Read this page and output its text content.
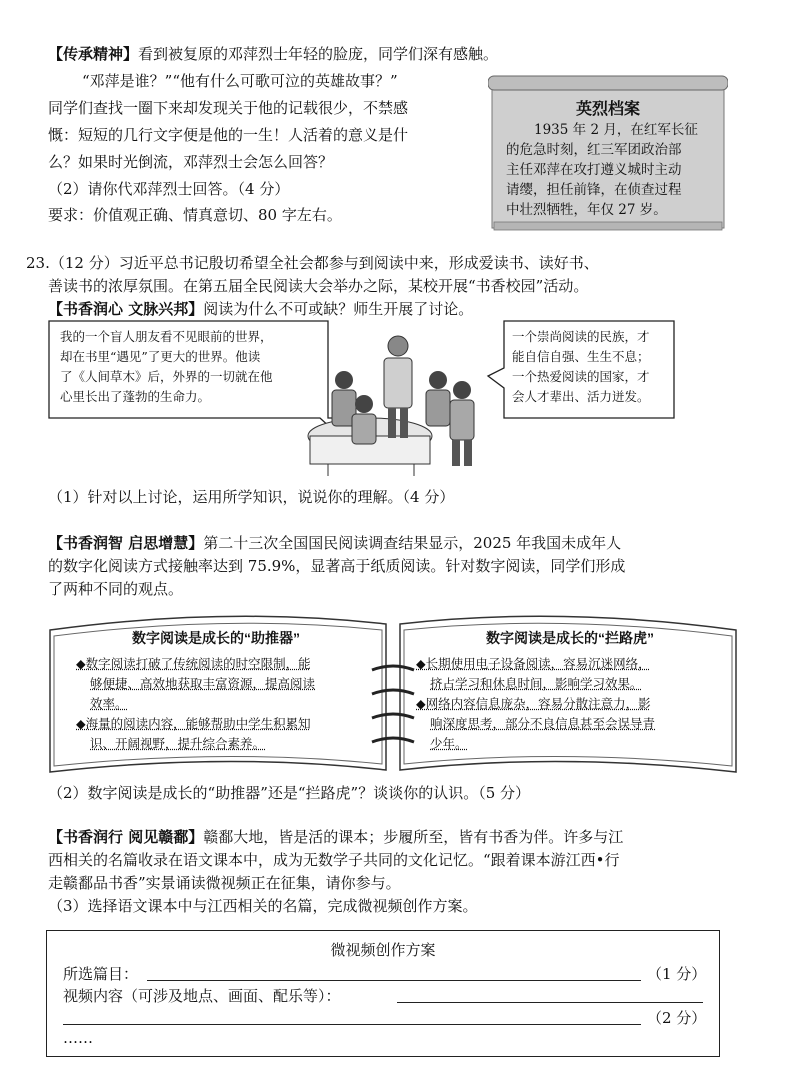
【传承精神】看到被复原的邓萍烈士年轻的脸庞，同学们深有感触。
“邓萍是谁？”“他有什么可歌可泣的英雄故事？”
同学们查找一圈下来却发现关于他的记载很少，不禁感
慨：短短的几行文字便是他的一生！人活着的意义是什
么？如果时光倒流，邓萍烈士会怎么回答？
（2）请你代邓萍烈士回答。（4 分）
要求：价值观正确、情真意切、80 字左右。
英烈档案
1935 年 2 月，在红军长征
的危急时刻，红三军团政治部
主任邓萍在攻打遵义城时主动
请缨，担任前锋，在侦查过程
中壮烈牺牲，年仅 27 岁。
23.（12 分）习近平总书记殷切希望全社会都参与到阅读中来，形成爱读书、读好书、
善读书的浓厚氛围。在第五届全民阅读大会举办之际，某校开展“书香校园”活动。
【书香润心 文脉兴邦】阅读为什么不可或缺？师生开展了讨论。
我的一个盲人朋友看不见眼前的世界，
却在书里“遇见”了更大的世界。他读
了《人间草木》后，外界的一切就在他
心里长出了蓬勃的生命力。
一个崇尚阅读的民族，才
能自信自强、生生不息；
一个热爱阅读的国家，才
会人才辈出、活力迸发。
（1）针对以上讨论，运用所学知识，说说你的理解。（4 分）
【书香润智 启思增慧】第二十三次全国国民阅读调查结果显示，2025 年我国未成年人
的数字化阅读方式接触率达到 75.9%，显著高于纸质阅读。针对数字阅读，同学们形成
了两种不同的观点。
数字阅读是成长的“助推器”
◆数字阅读打破了传统阅读的时空限制，能
够便捷、高效地获取丰富资源，提高阅读
效率。
◆海量的阅读内容，能够帮助中学生积累知
识、开阔视野，提升综合素养。
数字阅读是成长的“拦路虎”
◆长期使用电子设备阅读，容易沉迷网络，
挤占学习和休息时间，影响学习效果。
◆网络内容信息庞杂，容易分散注意力，影
响深度思考，部分不良信息甚至会误导青
少年。
（2）数字阅读是成长的“助推器”还是“拦路虎”？谈谈你的认识。（5 分）
【书香润行 阅见赣鄱】赣鄱大地，皆是活的课本；步履所至，皆有书香为伴。许多与江
西相关的名篇收录在语文课本中，成为无数学子共同的文化记忆。“跟着课本游江西•行
走赣鄱品书香”实景诵读微视频正在征集，请你参与。
（3）选择语文课本中与江西相关的名篇，完成微视频创作方案。
微视频创作方案
所选篇目：	（1 分）
视频内容（可涉及地点、画面、配乐等）：
（2 分）
……
